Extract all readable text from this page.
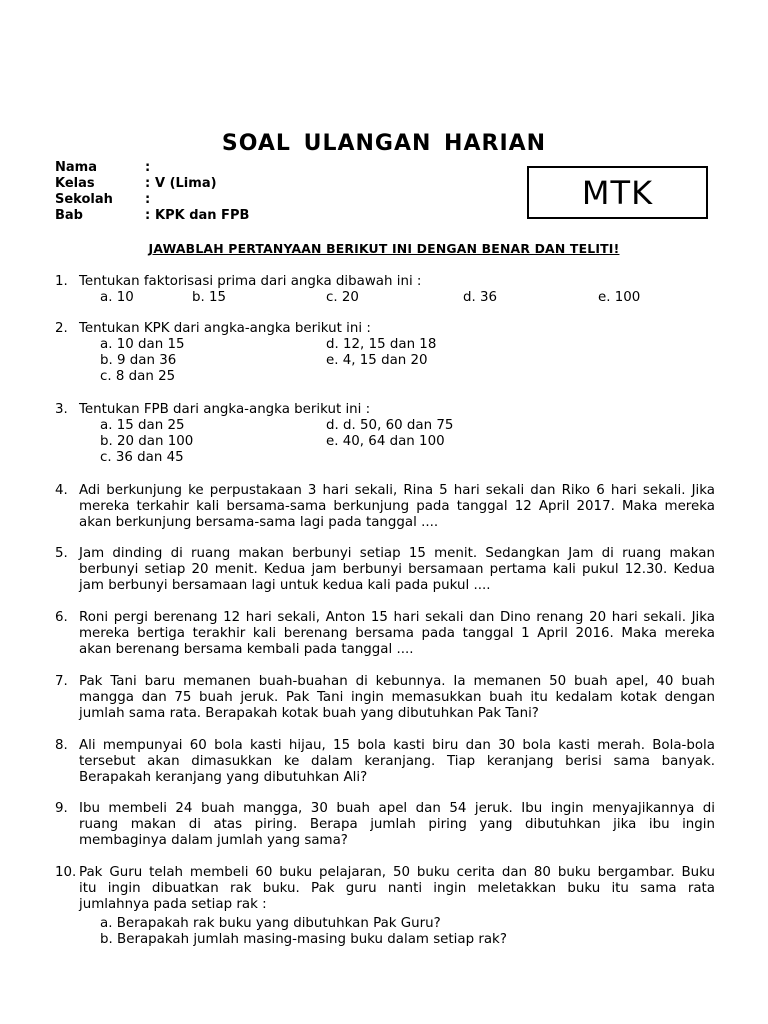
SOAL ULANGAN HARIAN
Nama	:
Kelas	: V (Lima)
Sekolah :
Bab	: KPK dan FPB
MTK
JAWABLAH PERTANYAAN BERIKUT INI DENGAN BENAR DAN TELITI!
1. Tentukan faktorisasi prima dari angka dibawah ini :
a. 10	b. 15	c. 20	d. 36	e. 100
2. Tentukan KPK dari angka-angka berikut ini :
a. 10 dan 15
b. 9 dan 36
c. 8 dan 25
d. 12, 15 dan 18
e. 4, 15 dan 20
3. Tentukan FPB dari angka-angka berikut ini :
a. 15 dan 25
b. 20 dan 100
c. 36 dan 45
d. d. 50, 60 dan 75
e. 40, 64 dan 100
4. Adi berkunjung ke perpustakaan 3 hari sekali, Rina 5 hari sekali dan Riko 6 hari sekali. Jika
mereka terkahir kali bersama-sama berkunjung pada tanggal 12 April 2017. Maka mereka
akan berkunjung bersama-sama lagi pada tanggal ....
5. Jam dinding di ruang makan berbunyi setiap 15 menit. Sedangkan Jam di ruang makan
berbunyi setiap 20 menit. Kedua jam berbunyi bersamaan pertama kali pukul 12.30. Kedua
jam berbunyi bersamaan lagi untuk kedua kali pada pukul ....
6. Roni pergi berenang 12 hari sekali, Anton 15 hari sekali dan Dino renang 20 hari sekali. Jika
mereka bertiga terakhir kali berenang bersama pada tanggal 1 April 2016. Maka mereka
akan berenang bersama kembali pada tanggal ....
7. Pak Tani baru memanen buah-buahan di kebunnya. Ia memanen 50 buah apel, 40 buah
mangga dan 75 buah jeruk. Pak Tani ingin memasukkan buah itu kedalam kotak dengan
jumlah sama rata. Berapakah kotak buah yang dibutuhkan Pak Tani?
8. Ali mempunyai 60 bola kasti hijau, 15 bola kasti biru dan 30 bola kasti merah. Bola-bola
tersebut akan dimasukkan ke dalam keranjang. Tiap keranjang berisi sama banyak.
Berapakah keranjang yang dibutuhkan Ali?
9. Ibu membeli 24 buah mangga, 30 buah apel dan 54 jeruk. Ibu ingin menyajikannya di
ruang makan di atas piring. Berapa jumlah piring yang dibutuhkan jika ibu ingin
membaginya dalam jumlah yang sama?
10. Pak Guru telah membeli 60 buku pelajaran, 50 buku cerita dan 80 buku bergambar. Buku
itu ingin dibuatkan rak buku. Pak guru nanti ingin meletakkan buku itu sama rata
jumlahnya pada setiap rak :
a. Berapakah rak buku yang dibutuhkan Pak Guru?
b. Berapakah jumlah masing-masing buku dalam setiap rak?
